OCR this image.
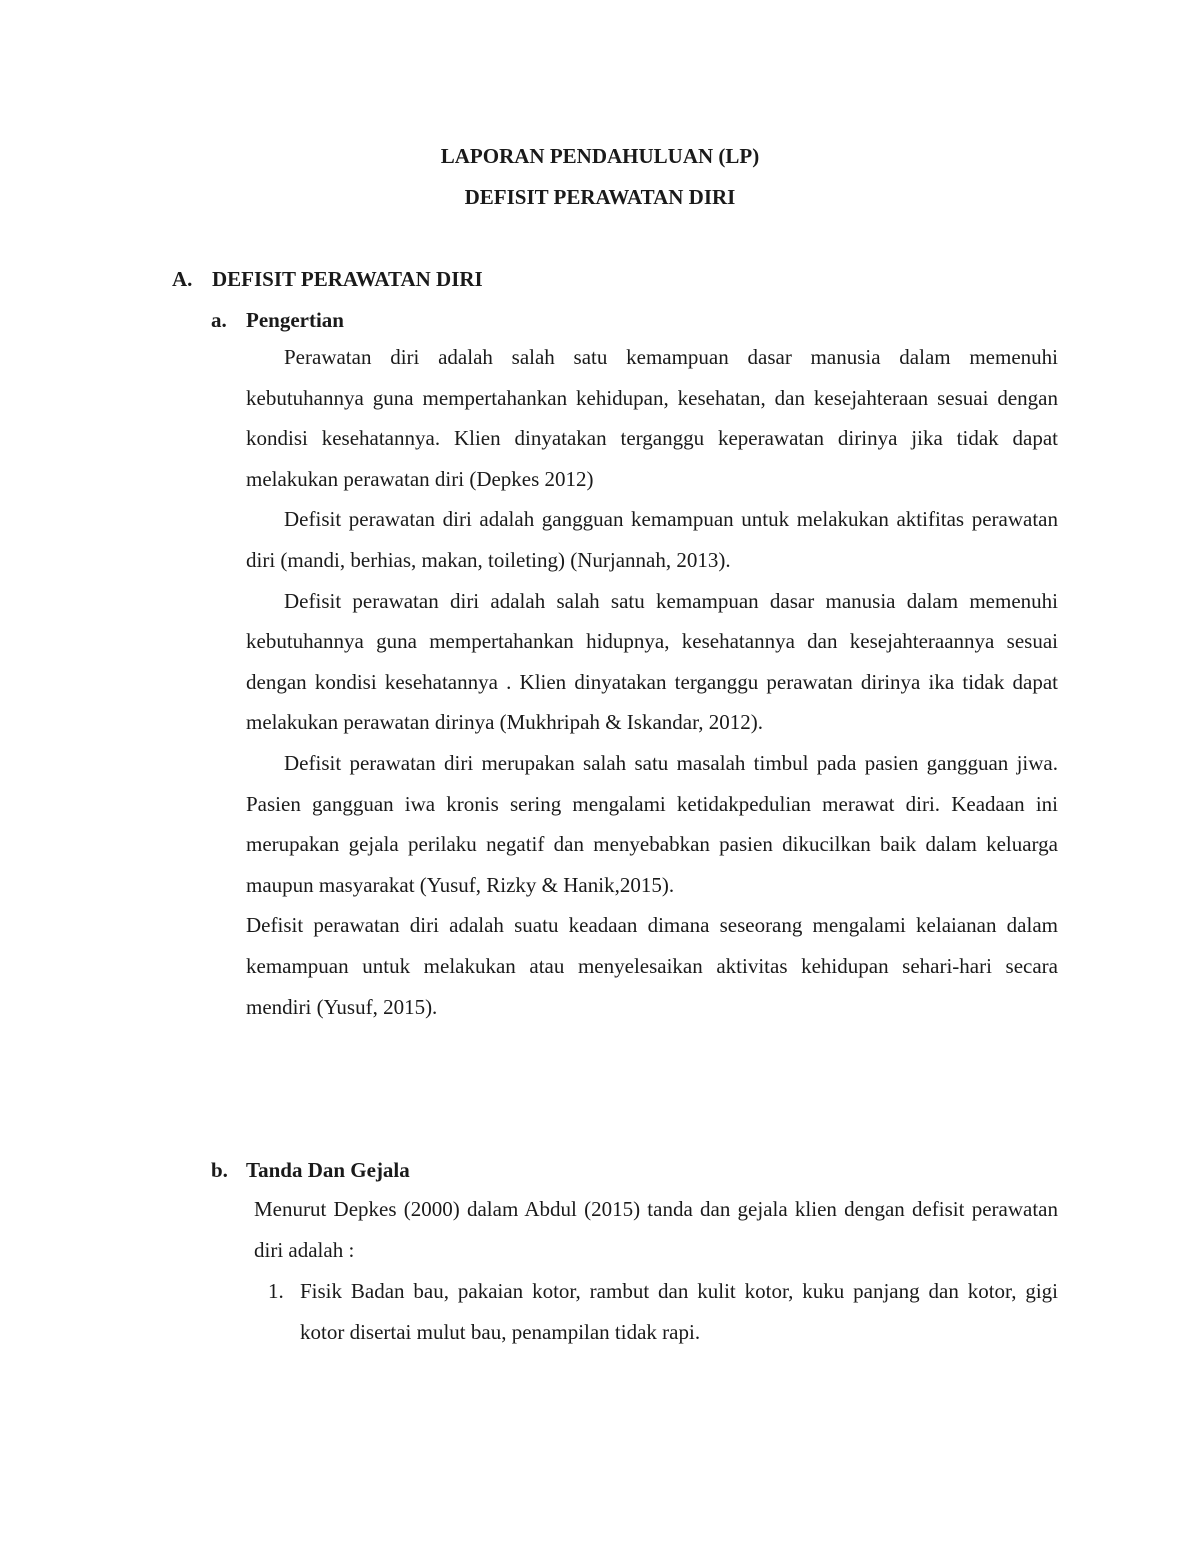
LAPORAN PENDAHULUAN (LP)
DEFISIT PERAWATAN DIRI
A. DEFISIT PERAWATAN DIRI
a. Pengertian

Perawatan diri adalah salah satu kemampuan dasar manusia dalam memenuhi kebutuhannya guna mempertahankan kehidupan, kesehatan, dan kesejahteraan sesuai dengan kondisi kesehatannya. Klien dinyatakan terganggu keperawatan dirinya jika tidak dapat melakukan perawatan diri (Depkes 2012)

Defisit perawatan diri adalah gangguan kemampuan untuk melakukan aktifitas perawatan diri (mandi, berhias, makan, toileting) (Nurjannah, 2013).

Defisit perawatan diri adalah salah satu kemampuan dasar manusia dalam memenuhi kebutuhannya guna mempertahankan hidupnya, kesehatannya dan kesejahteraannya sesuai dengan kondisi kesehatannya . Klien dinyatakan terganggu perawatan dirinya ika tidak dapat melakukan perawatan dirinya (Mukhripah & Iskandar, 2012).

Defisit perawatan diri merupakan salah satu masalah timbul pada pasien gangguan jiwa. Pasien gangguan iwa kronis sering mengalami ketidakpedulian merawat diri. Keadaan ini merupakan gejala perilaku negatif dan menyebabkan pasien dikucilkan baik dalam keluarga maupun masyarakat (Yusuf, Rizky & Hanik,2015).

Defisit perawatan diri adalah suatu keadaan dimana seseorang mengalami kelaianan dalam kemampuan untuk melakukan atau menyelesaikan aktivitas kehidupan sehari-hari secara mendiri (Yusuf, 2015).

b. Tanda Dan Gejala

Menurut Depkes (2000) dalam Abdul (2015) tanda dan gejala klien dengan defisit perawatan diri adalah :

1. Fisik Badan bau, pakaian kotor, rambut dan kulit kotor, kuku panjang dan kotor, gigi kotor disertai mulut bau, penampilan tidak rapi.
